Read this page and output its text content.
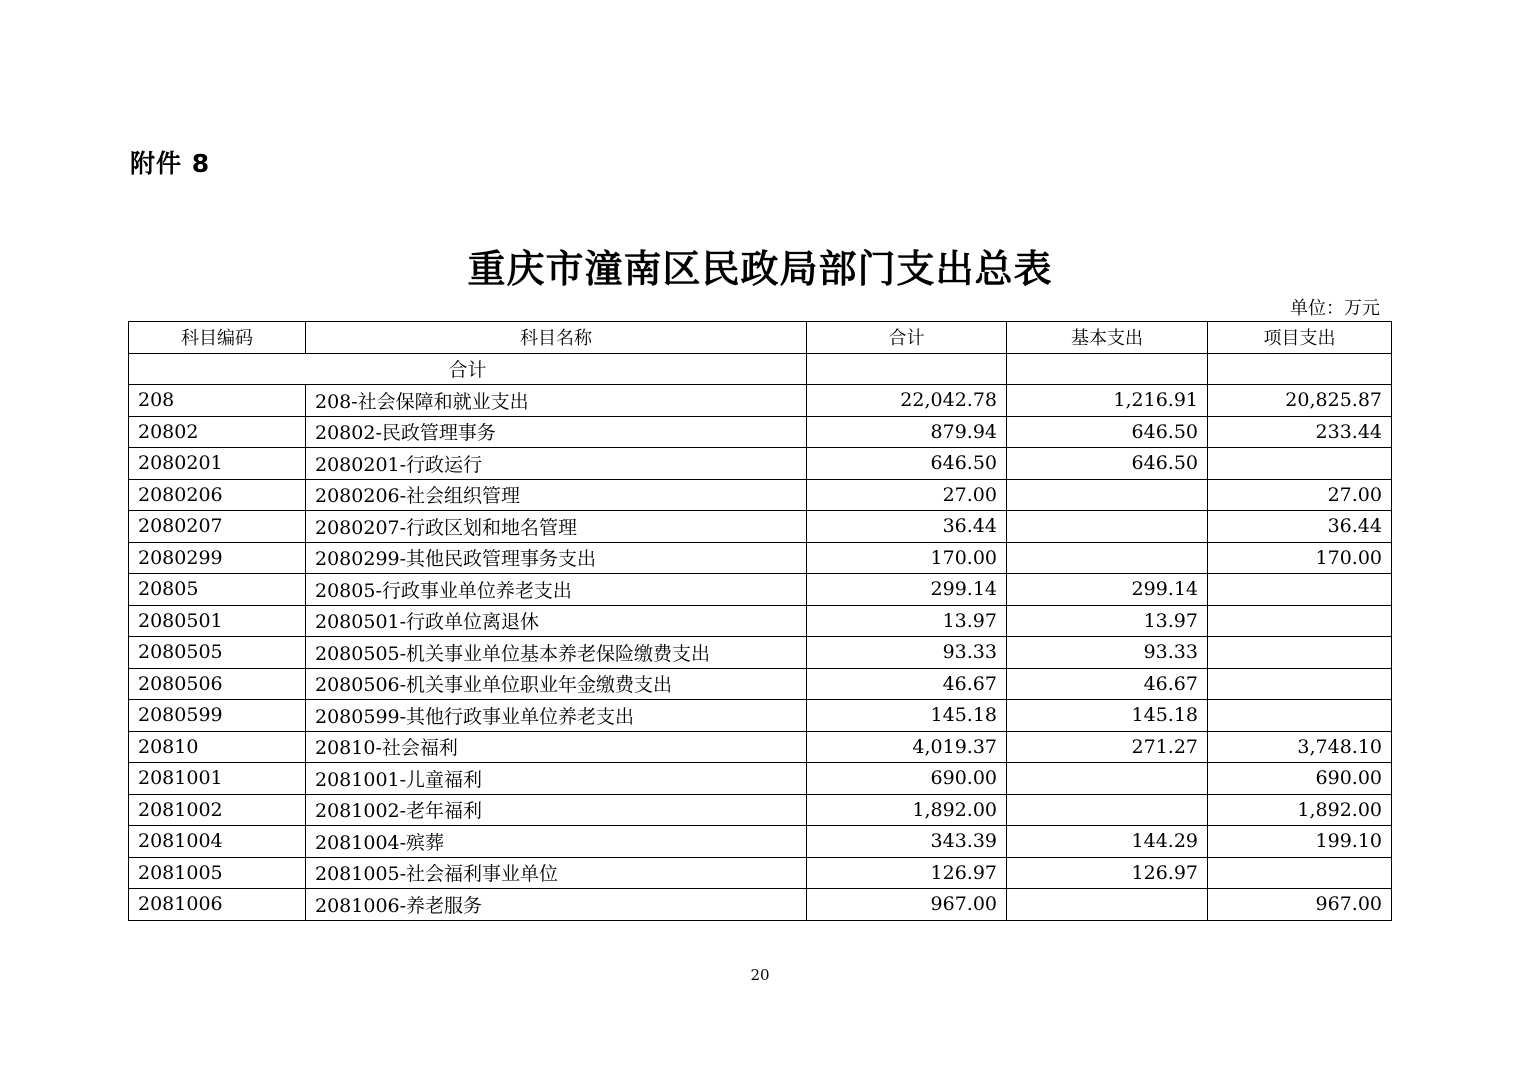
附件 8
重庆市潼南区民政局部门支出总表
单位：万元
科目编码	科目名称	合计	基本支出	项目支出
合计				
208	208-社会保障和就业支出	22,042.78	1,216.91	20,825.87
20802	20802-民政管理事务	879.94	646.50	233.44
2080201	2080201-行政运行	646.50	646.50	
2080206	2080206-社会组织管理	27.00		27.00
2080207	2080207-行政区划和地名管理	36.44		36.44
2080299	2080299-其他民政管理事务支出	170.00		170.00
20805	20805-行政事业单位养老支出	299.14	299.14	
2080501	2080501-行政单位离退休	13.97	13.97	
2080505	2080505-机关事业单位基本养老保险缴费支出	93.33	93.33	
2080506	2080506-机关事业单位职业年金缴费支出	46.67	46.67	
2080599	2080599-其他行政事业单位养老支出	145.18	145.18	
20810	20810-社会福利	4,019.37	271.27	3,748.10
2081001	2081001-儿童福利	690.00		690.00
2081002	2081002-老年福利	1,892.00		1,892.00
2081004	2081004-殡葬	343.39	144.29	199.10
2081005	2081005-社会福利事业单位	126.97	126.97	
2081006	2081006-养老服务	967.00		967.00
20
